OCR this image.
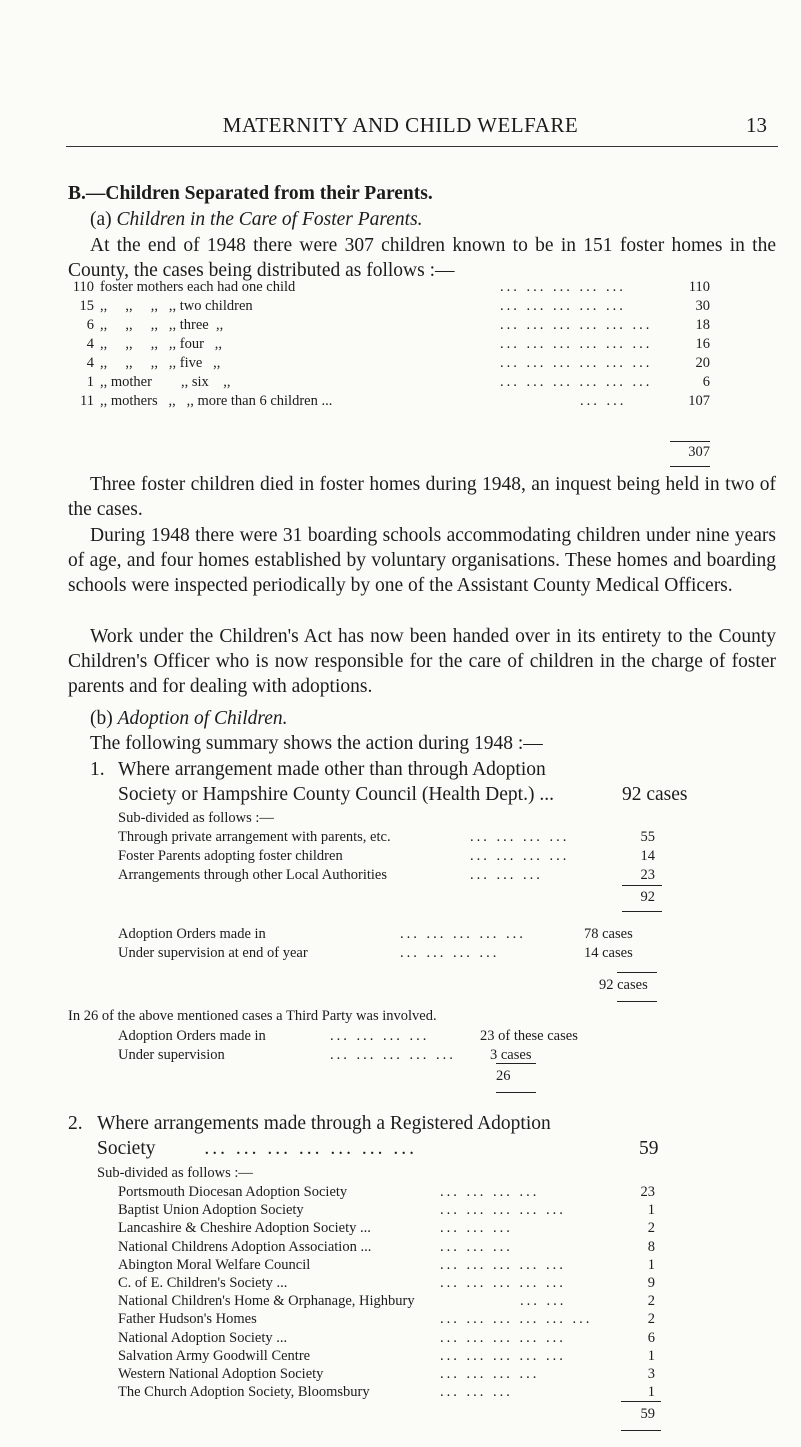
MATERNITY AND CHILD WELFARE	13
B.—Children Separated from their Parents.
(a) Children in the Care of Foster Parents.
At the end of 1948 there were 307 children known to be in 151 foster homes in the County, the cases being distributed as follows :—
110 foster mothers each had one child	... ... ... ... ...	110
15 ,,     ,,     ,,   ,, two children	... ... ... ... ...	30
6 ,,     ,,     ,,   ,, three  ,,	... ... ... ... ... ...	18
4 ,,     ,,     ,,   ,, four   ,,	... ... ... ... ... ...	16
4 ,,     ,,     ,,   ,, five   ,,	... ... ... ... ... ...	20
1 ,, mother        ,, six    ,,	... ... ... ... ... ...	6
11 ,, mothers   ,,   ,, more than 6 children ...	... ...	107
307
Three foster children died in foster homes during 1948, an inquest being held in two of the cases.
During 1948 there were 31 boarding schools accommodating children under nine years of age, and four homes established by voluntary organisations. These homes and boarding schools were inspected periodically by one of the Assistant County Medical Officers.
Work under the Children's Act has now been handed over in its entirety to the County Children's Officer who is now responsible for the care of children in the charge of foster parents and for dealing with adoptions.
(b) Adoption of Children.
The following summary shows the action during 1948 :—
1. Where arrangement made other than through Adoption
Society or Hampshire County Council (Health Dept.) ...	92 cases
Sub-divided as follows :—
Through private arrangement with parents, etc.	... ... ... ...	55
Foster Parents adopting foster children	... ... ... ...	14
Arrangements through other Local Authorities	... ... ...	23
92
Adoption Orders made in	... ... ... ... ...	78 cases
Under supervision at end of year	... ... ... ...	14 cases
92 cases
In 26 of the above mentioned cases a Third Party was involved.
Adoption Orders made in	... ... ... ...	23 of these cases
Under supervision	... ... ... ... ... 3 cases
26
2. Where arrangements made through a Registered Adoption
Society	... ... ... ... ... ... ...	59
Sub-divided as follows :—
Portsmouth Diocesan Adoption Society	... ... ... ...	23
Baptist Union Adoption Society	... ... ... ... ...	1
Lancashire & Cheshire Adoption Society ...	... ... ...	2
National Childrens Adoption Association ...	... ... ...	8
Abington Moral Welfare Council	... ... ... ... ...	1
C. of E. Children's Society ...	... ... ... ... ...	9
National Children's Home & Orphanage, Highbury	... ...	2
Father Hudson's Homes	... ... ... ... ... ...	2
National Adoption Society ...	... ... ... ... ...	6
Salvation Army Goodwill Centre	... ... ... ... ...	1
Western National Adoption Society	... ... ... ...	3
The Church Adoption Society, Bloomsbury	... ... ...	1
59
